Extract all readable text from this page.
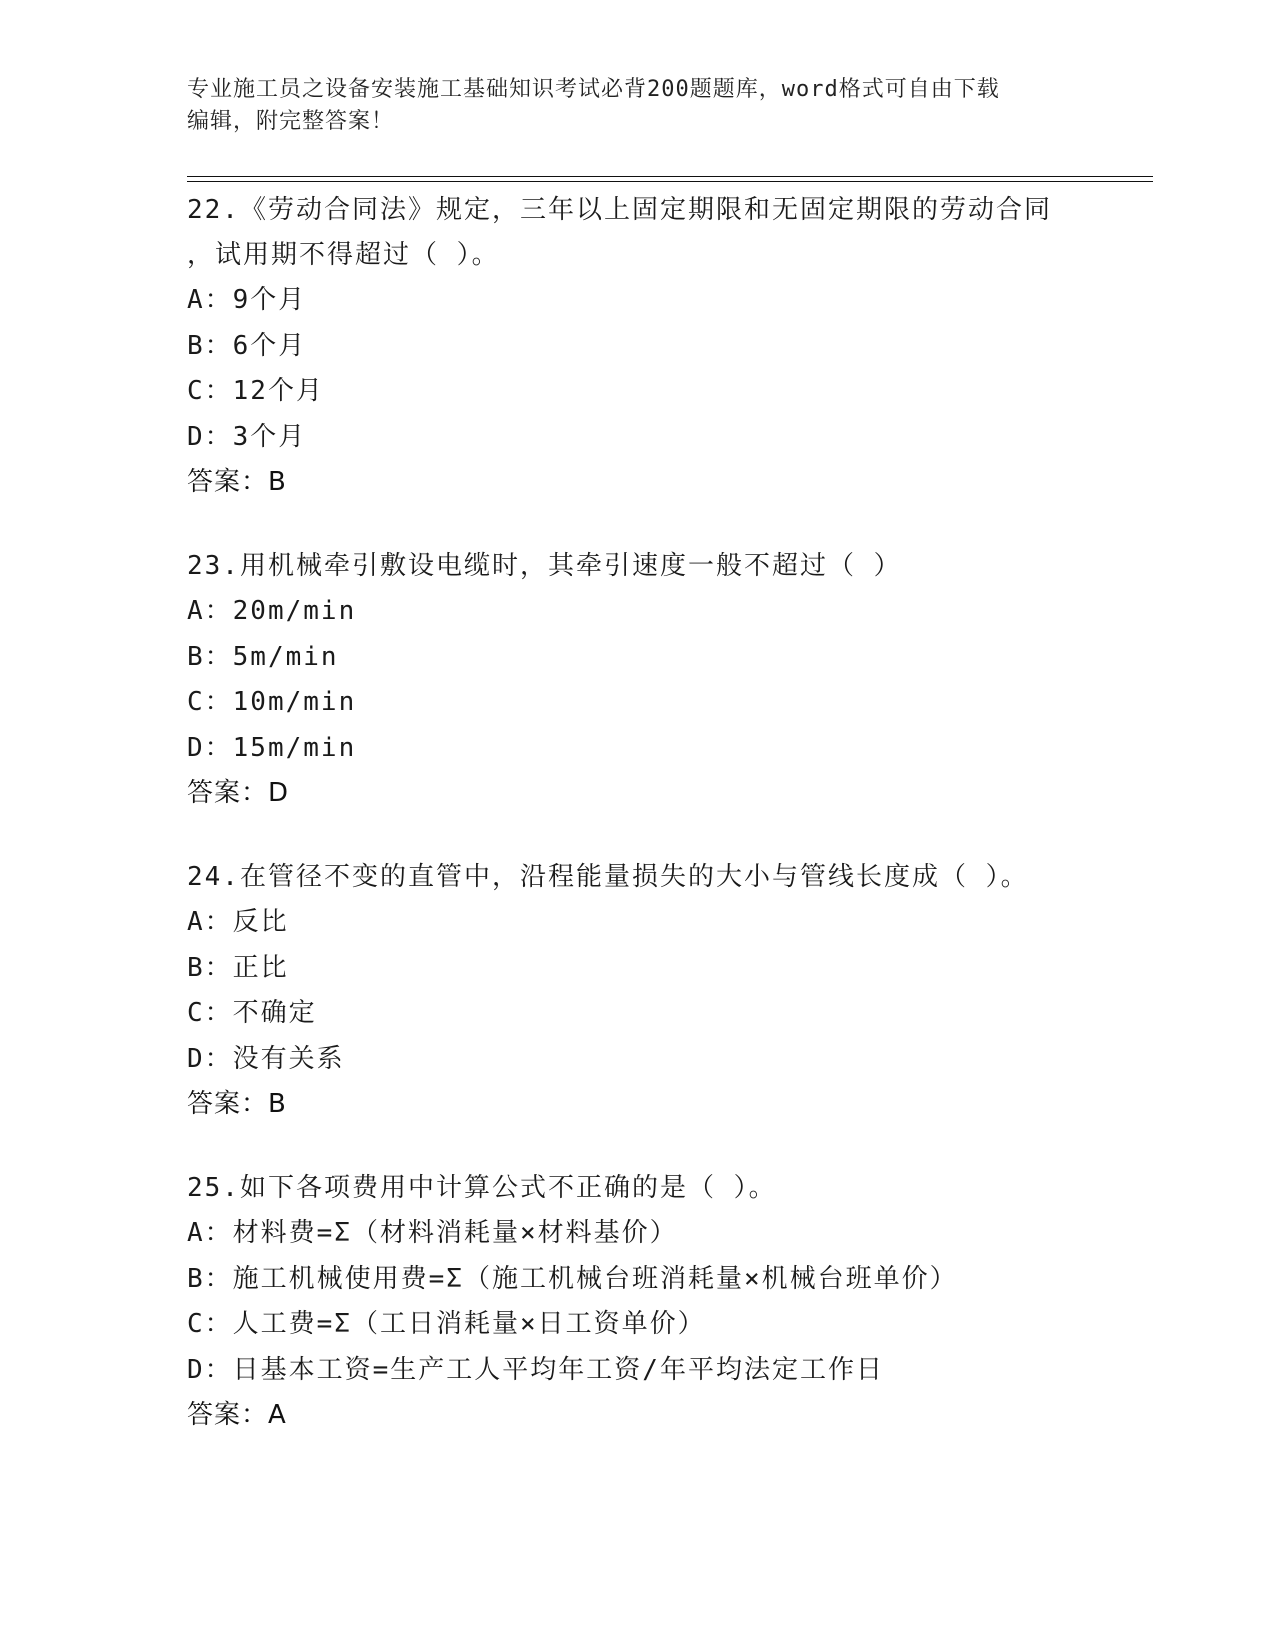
专业施工员之设备安装施工基础知识考试必背200题题库，word格式可自由下载
编辑，附完整答案！

22.《劳动合同法》规定，三年以上固定期限和无固定期限的劳动合同

，试用期不得超过（ ）。

A：9个月

B：6个月

C：12个月

D：3个月

答案：B

23.用机械牵引敷设电缆时，其牵引速度一般不超过（ ）

A：20m/min

B：5m/min

C：10m/min

D：15m/min

答案：D

24.在管径不变的直管中，沿程能量损失的大小与管线长度成（ ）。

A：反比

B：正比

C：不确定

D：没有关系

答案：B

25.如下各项费用中计算公式不正确的是（ ）。

A：材料费=Σ（材料消耗量×材料基价）

B：施工机械使用费=Σ（施工机械台班消耗量×机械台班单价）

C：人工费=Σ（工日消耗量×日工资单价）

D：日基本工资=生产工人平均年工资/年平均法定工作日

答案：A
